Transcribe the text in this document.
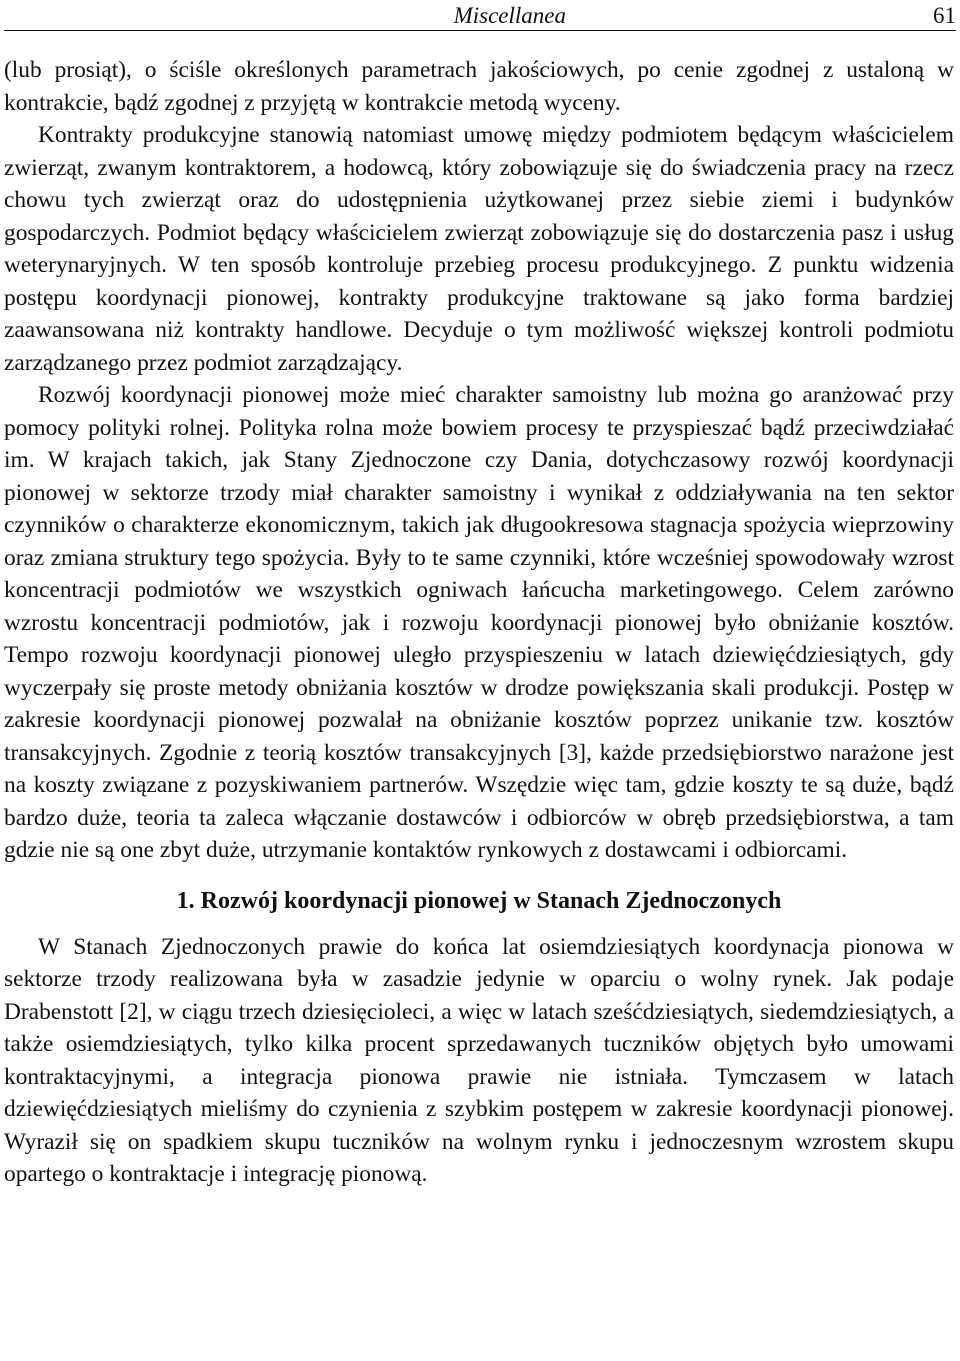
Miscellanea	61

(lub prosiąt), o ściśle określonych parametrach jakościowych, po cenie zgodnej z ustaloną w kontrakcie, bądź zgodnej z przyjętą w kontrakcie metodą wyceny.

Kontrakty produkcyjne stanowią natomiast umowę między podmiotem będącym właścicielem zwierząt, zwanym kontraktorem, a hodowcą, który zobowiązuje się do świadczenia pracy na rzecz chowu tych zwierząt oraz do udostępnienia użytkowanej przez siebie ziemi i budynków gospodarczych. Podmiot będący właścicielem zwierząt zobowiązuje się do dostarczenia pasz i usług weterynaryjnych. W ten sposób kontroluje przebieg procesu produkcyjnego. Z punktu widzenia postępu koordynacji pionowej, kontrakty produkcyjne traktowane są jako forma bardziej zaawansowana niż kontrakty handlowe. Decyduje o tym możliwość większej kontroli podmiotu zarządzanego przez podmiot zarządzający.

Rozwój koordynacji pionowej może mieć charakter samoistny lub można go aranżować przy pomocy polityki rolnej. Polityka rolna może bowiem procesy te przyspieszać bądź przeciwdziałać im. W krajach takich, jak Stany Zjednoczone czy Dania, dotychczasowy rozwój koordynacji pionowej w sektorze trzody miał charakter samoistny i wynikał z oddziaływania na ten sektor czynników o charakterze ekonomicznym, takich jak długookresowa stagnacja spożycia wieprzowiny oraz zmiana struktury tego spożycia. Były to te same czynniki, które wcześniej spowodowały wzrost koncentracji podmiotów we wszystkich ogniwach łańcucha marketingowego. Celem zarówno wzrostu koncentracji podmiotów, jak i rozwoju koordynacji pionowej było obniżanie kosztów. Tempo rozwoju koordynacji pionowej uległo przyspieszeniu w latach dziewięćdziesiątych, gdy wyczerpały się proste metody obniżania kosztów w drodze powiększania skali produkcji. Postęp w zakresie koordynacji pionowej pozwalał na obniżanie kosztów poprzez unikanie tzw. kosztów transakcyjnych. Zgodnie z teorią kosztów transakcyjnych [3], każde przedsiębiorstwo narażone jest na koszty związane z pozyskiwaniem partnerów. Wszędzie więc tam, gdzie koszty te są duże, bądź bardzo duże, teoria ta zaleca włączanie dostawców i odbiorców w obręb przedsiębiorstwa, a tam gdzie nie są one zbyt duże, utrzymanie kontaktów rynkowych z dostawcami i odbiorcami.

1. Rozwój koordynacji pionowej w Stanach Zjednoczonych

W Stanach Zjednoczonych prawie do końca lat osiemdziesiątych koordynacja pionowa w sektorze trzody realizowana była w zasadzie jedynie w oparciu o wolny rynek. Jak podaje Drabenstott [2], w ciągu trzech dziesięcioleci, a więc w latach sześćdziesiątych, siedemdziesiątych, a także osiemdziesiątych, tylko kilka procent sprzedawanych tuczników objętych było umowami kontraktacyjnymi, a integracja pionowa prawie nie istniała. Tymczasem w latach dziewięćdziesiątych mieliśmy do czynienia z szybkim postępem w zakresie koordynacji pionowej. Wyraził się on spadkiem skupu tuczników na wolnym rynku i jednoczesnym wzrostem skupu opartego o kontraktacje i integrację pionową.
